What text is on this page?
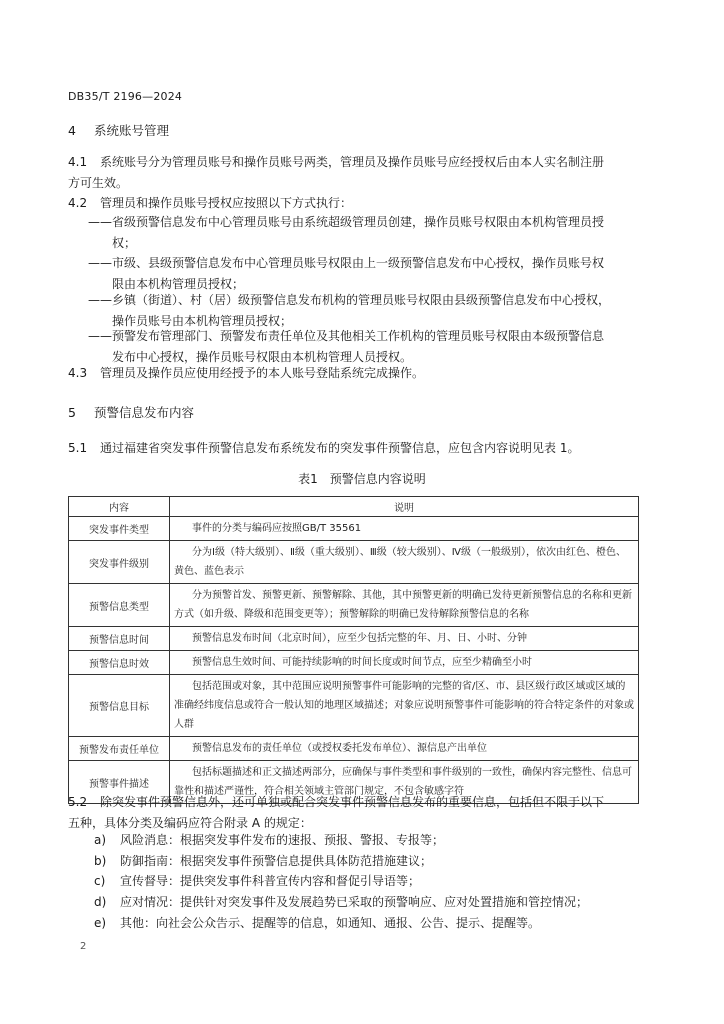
DB35/T 2196—2024
4 系统账号管理
4.1 系统账号分为管理员账号和操作员账号两类，管理员及操作员账号应经授权后由本人实名制注册
方可生效。
4.2 管理员和操作员账号授权应按照以下方式执行：
——省级预警信息发布中心管理员账号由系统超级管理员创建，操作员账号权限由本机构管理员授
权；
——市级、县级预警信息发布中心管理员账号权限由上一级预警信息发布中心授权，操作员账号权
限由本机构管理员授权；
——乡镇（街道）、村（居）级预警信息发布机构的管理员账号权限由县级预警信息发布中心授权，
操作员账号由本机构管理员授权；
——预警发布管理部门、预警发布责任单位及其他相关工作机构的管理员账号权限由本级预警信息
发布中心授权，操作员账号权限由本机构管理人员授权。
4.3 管理员及操作员应使用经授予的本人账号登陆系统完成操作。
5 预警信息发布内容
5.1 通过福建省突发事件预警信息发布系统发布的突发事件预警信息，应包含内容说明见表 1。
表1　预警信息内容说明
内容	说明
突发事件类型	事件的分类与编码应按照GB/T 35561
突发事件级别	分为Ⅰ级（特大级别）、Ⅱ级（重大级别）、Ⅲ级（较大级别）、Ⅳ级（一般级别），依次由红色、橙色、黄色、蓝色表示
预警信息类型	分为预警首发、预警更新、预警解除、其他，其中预警更新的明确已发待更新预警信息的名称和更新方式（如升级、降级和范围变更等）；预警解除的明确已发待解除预警信息的名称
预警信息时间	预警信息发布时间（北京时间），应至少包括完整的年、月、日、小时、分钟
预警信息时效	预警信息生效时间、可能持续影响的时间长度或时间节点，应至少精确至小时
预警信息目标	包括范围或对象，其中范围应说明预警事件可能影响的完整的省/区、市、县区级行政区域或区域的准确经纬度信息或符合一般认知的地理区域描述；对象应说明预警事件可能影响的符合特定条件的对象或人群
预警发布责任单位	预警信息发布的责任单位（或授权委托发布单位）、源信息产出单位
预警事件描述	包括标题描述和正文描述两部分，应确保与事件类型和事件级别的一致性，确保内容完整性、信息可靠性和描述严谨性，符合相关领域主管部门规定，不包含敏感字符
5.2 除突发事件预警信息外，还可单独或配合突发事件预警信息发布的重要信息，包括但不限于以下
五种，具体分类及编码应符合附录 A 的规定：
a) 风险消息：根据突发事件发布的速报、预报、警报、专报等；
b) 防御指南：根据突发事件预警信息提供具体防范措施建议；
c) 宣传督导：提供突发事件科普宣传内容和督促引导语等；
d) 应对情况：提供针对突发事件及发展趋势已采取的预警响应、应对处置措施和管控情况；
e) 其他：向社会公众告示、提醒等的信息，如通知、通报、公告、提示、提醒等。
2
